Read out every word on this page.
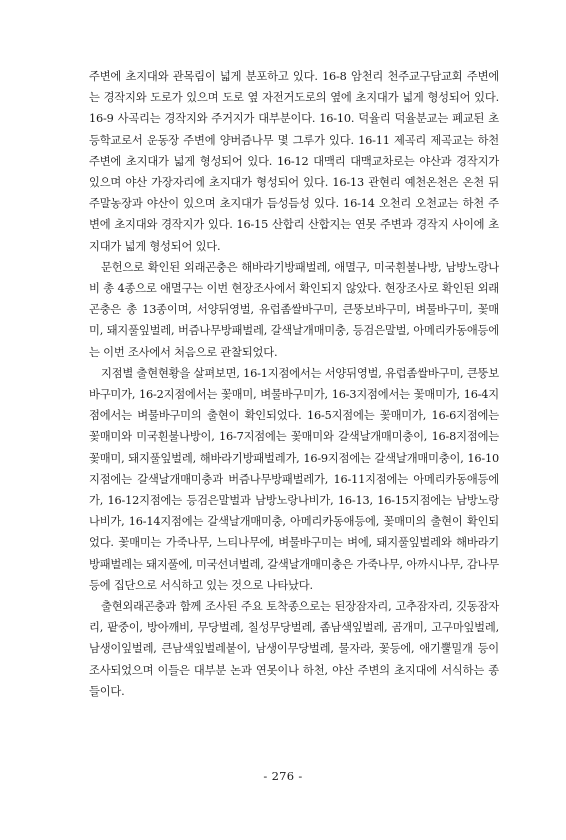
주변에 초지대와 관목림이 넓게 분포하고 있다. 16-8 암천리 천주교구담교회 주변에는 경작지와 도로가 있으며 도로 옆 자전거도로의 옆에 초지대가 넓게 형성되어 있다. 16-9 사곡리는 경작지와 주거지가 대부분이다. 16-10. 덕율리 덕율분교는 폐교된 초등학교로서 운동장 주변에 양버즘나무 몇 그루가 있다. 16-11 제곡리 제곡교는 하천 주변에 초지대가 넓게 형성되어 있다. 16-12 대맥리 대맥교차로는 야산과 경작지가 있으며 야산 가장자리에 초지대가 형성되어 있다. 16-13 관현리 예천온천은 온천 뒤 주말농장과 야산이 있으며 초지대가 듬성듬성 있다. 16-14 오천리 오천교는 하천 주변에 초지대와 경작지가 있다. 16-15 산합리 산합지는 연못 주변과 경작지 사이에 초지대가 넓게 형성되어 있다.

문헌으로 확인된 외래곤충은 해바라기방패벌레, 애멸구, 미국흰불나방, 남방노랑나비 총 4종으로 애멸구는 이번 현장조사에서 확인되지 않았다. 현장조사로 확인된 외래곤충은 총 13종이며, 서양뒤영벌, 유럽좀쌀바구미, 큰뚱보바구미, 벼물바구미, 꽃매미, 돼지풀잎벌레, 버즘나무방패벌레, 갈색날개매미충, 등검은말벌, 아메리카동애등에는 이번 조사에서 처음으로 관찰되었다.

지점별 출현현황을 살펴보면, 16-1지점에서는 서양뒤영벌, 유럽좀쌀바구미, 큰뚱보바구미가, 16-2지점에서는 꽃매미, 벼물바구미가, 16-3지점에서는 꽃매미가, 16-4지점에서는 벼물바구미의 출현이 확인되었다. 16-5지점에는 꽃매미가, 16-6지점에는 꽃매미와 미국흰불나방이, 16-7지점에는 꽃매미와 갈색날개매미충이, 16-8지점에는 꽃매미, 돼지풀잎벌레, 해바라기방패벌레가, 16-9지점에는 갈색날개매미충이, 16-10지점에는 갈색날개매미충과 버즘나무방패벌레가, 16-11지점에는 아메리카동애등에가, 16-12지점에는 등검은말벌과 남방노랑나비가, 16-13, 16-15지점에는 남방노랑나비가, 16-14지점에는 갈색날개매미충, 아메리카동애등에, 꽃매미의 출현이 확인되었다. 꽃매미는 가죽나무, 느티나무에, 벼물바구미는 벼에, 돼지풀잎벌레와 해바라기방패벌레는 돼지풀에, 미국선녀벌레, 갈색날개매미충은 가죽나무, 아까시나무, 감나무 등에 집단으로 서식하고 있는 것으로 나타났다.

출현외래곤충과 함께 조사된 주요 토착종으로는 된장잠자리, 고추잠자리, 깃동잠자리, 팥중이, 방아깨비, 무당벌레, 칠성무당벌레, 좀남색잎벌레, 곰개미, 고구마잎벌레, 남생이잎벌레, 큰남색잎벌레붙이, 남생이무당벌레, 물자라, 꽃등에, 애기뿔밀개 등이 조사되었으며 이들은 대부분 논과 연못이나 하천, 야산 주변의 초지대에 서식하는 종들이다.

- 276 -
